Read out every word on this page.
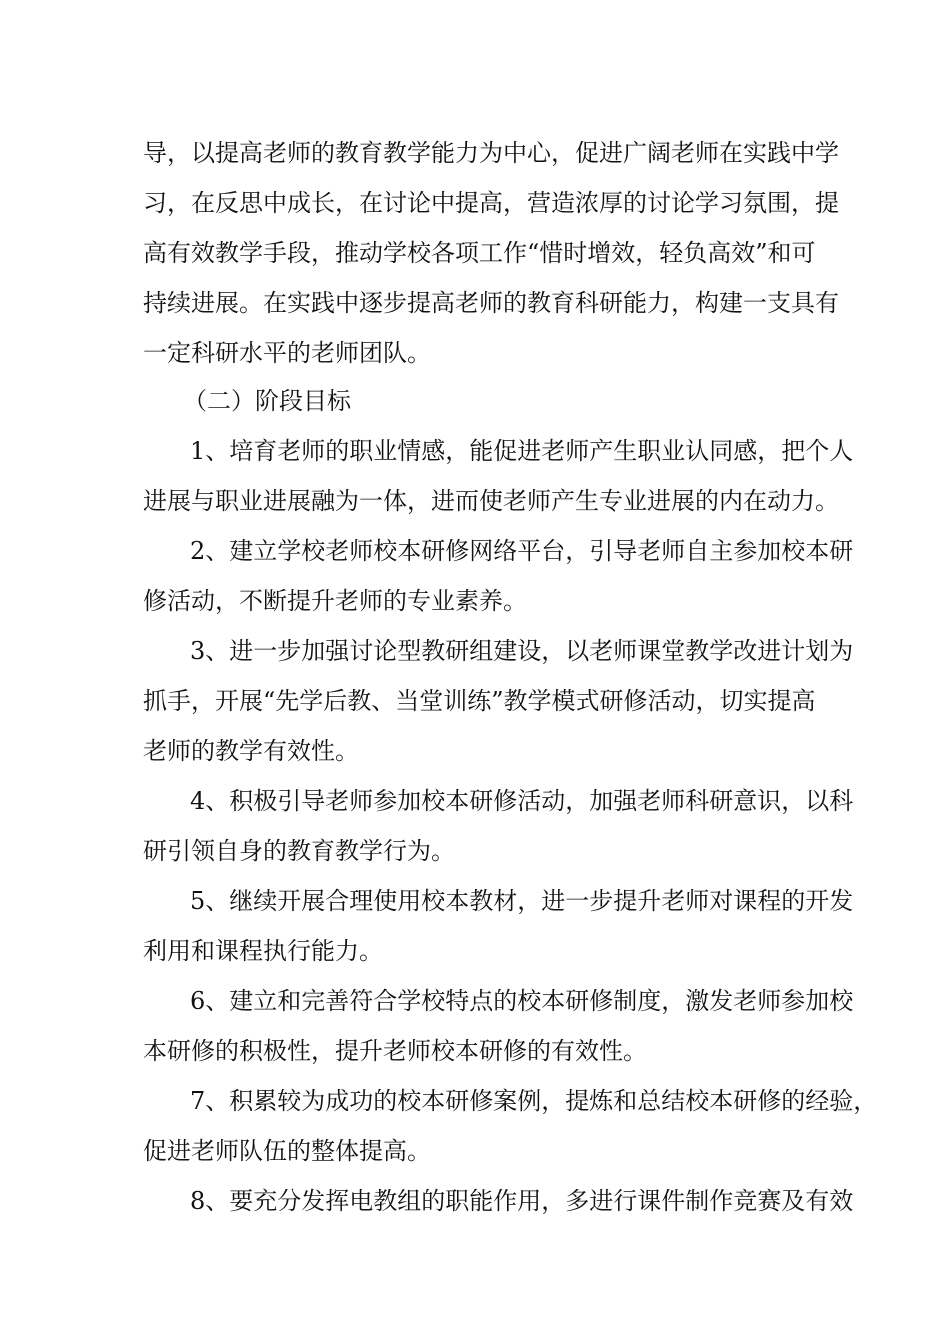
导，以提高老师的教育教学能力为中心，促进广阔老师在实践中学
习，在反思中成长，在讨论中提高，营造浓厚的讨论学习氛围，提
高有效教学手段，推动学校各项工作“惜时增效，轻负高效”和可
持续进展。在实践中逐步提高老师的教育科研能力，构建一支具有
一定科研水平的老师团队。
（二）阶段目标
1、培育老师的职业情感，能促进老师产生职业认同感，把个人
进展与职业进展融为一体，进而使老师产生专业进展的内在动力。
2、建立学校老师校本研修网络平台，引导老师自主参加校本研
修活动，不断提升老师的专业素养。
3、进一步加强讨论型教研组建设，以老师课堂教学改进计划为
抓手，开展“先学后教、当堂训练”教学模式研修活动，切实提高
老师的教学有效性。
4、积极引导老师参加校本研修活动，加强老师科研意识，以科
研引领自身的教育教学行为。
5、继续开展合理使用校本教材，进一步提升老师对课程的开发
利用和课程执行能力。
6、建立和完善符合学校特点的校本研修制度，激发老师参加校
本研修的积极性，提升老师校本研修的有效性。
7、积累较为成功的校本研修案例，提炼和总结校本研修的经验，
促进老师队伍的整体提高。
8、要充分发挥电教组的职能作用，多进行课件制作竞赛及有效
